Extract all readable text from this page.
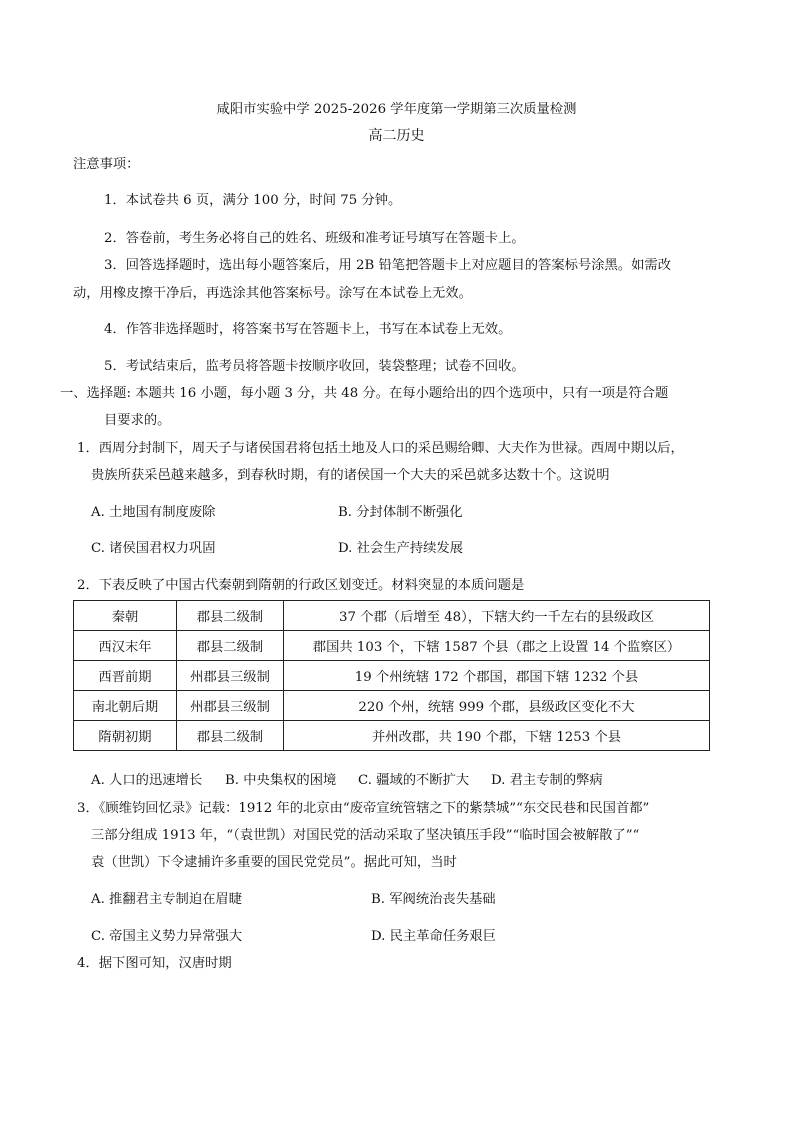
咸阳市实验中学 2025-2026 学年度第一学期第三次质量检测
高二历史
注意事项：
1．本试卷共 6 页，满分 100 分，时间 75 分钟。
2．答卷前，考生务必将自己的姓名、班级和准考证号填写在答题卡上。
3．回答选择题时，选出每小题答案后，用 2B 铅笔把答题卡上对应题目的答案标号涂黑。如需改
动，用橡皮擦干净后，再选涂其他答案标号。涂写在本试卷上无效。
4．作答非选择题时，将答案书写在答题卡上，书写在本试卷上无效。
5．考试结束后，监考员将答题卡按顺序收回，装袋整理；试卷不回收。
一、选择题: 本题共 16 小题，每小题 3 分，共 48 分。在每小题给出的四个选项中，只有一项是符合题
目要求的。
1．西周分封制下，周天子与诸侯国君将包括土地及人口的采邑赐给卿、大夫作为世禄。西周中期以后，
贵族所获采邑越来越多，到春秋时期，有的诸侯国一个大夫的采邑就多达数十个。这说明
A. 土地国有制度废除	B. 分封体制不断强化
C. 诸侯国君权力巩固	D. 社会生产持续发展
2．下表反映了中国古代秦朝到隋朝的行政区划变迁。材料突显的本质问题是
秦朝	郡县二级制	37 个郡（后增至 48），下辖大约一千左右的县级政区
西汉末年	郡县二级制	郡国共 103 个，下辖 1587 个县（郡之上设置 14 个监察区）
西晋前期	州郡县三级制	19 个州统辖 172 个郡国，郡国下辖 1232 个县
南北朝后期	州郡县三级制	220 个州，统辖 999 个郡，县级政区变化不大
隋朝初期	郡县二级制	并州改郡，共 190 个郡，下辖 1253 个县
A. 人口的迅速增长 B. 中央集权的困境 C. 疆域的不断扩大 D. 君主专制的弊病
3．《顾维钧回忆录》记载：1912 年的北京由“废帝宣统管辖之下的紫禁城”“东交民巷和民国首都”
三部分组成 1913 年，“（袁世凯）对国民党的活动采取了坚决镇压手段”“临时国会被解散了”“
袁（世凯）下令逮捕许多重要的国民党党员”。据此可知，当时
A. 推翻君主专制迫在眉睫	B. 军阀统治丧失基础
C. 帝国主义势力异常强大	D. 民主革命任务艰巨
4．据下图可知，汉唐时期
